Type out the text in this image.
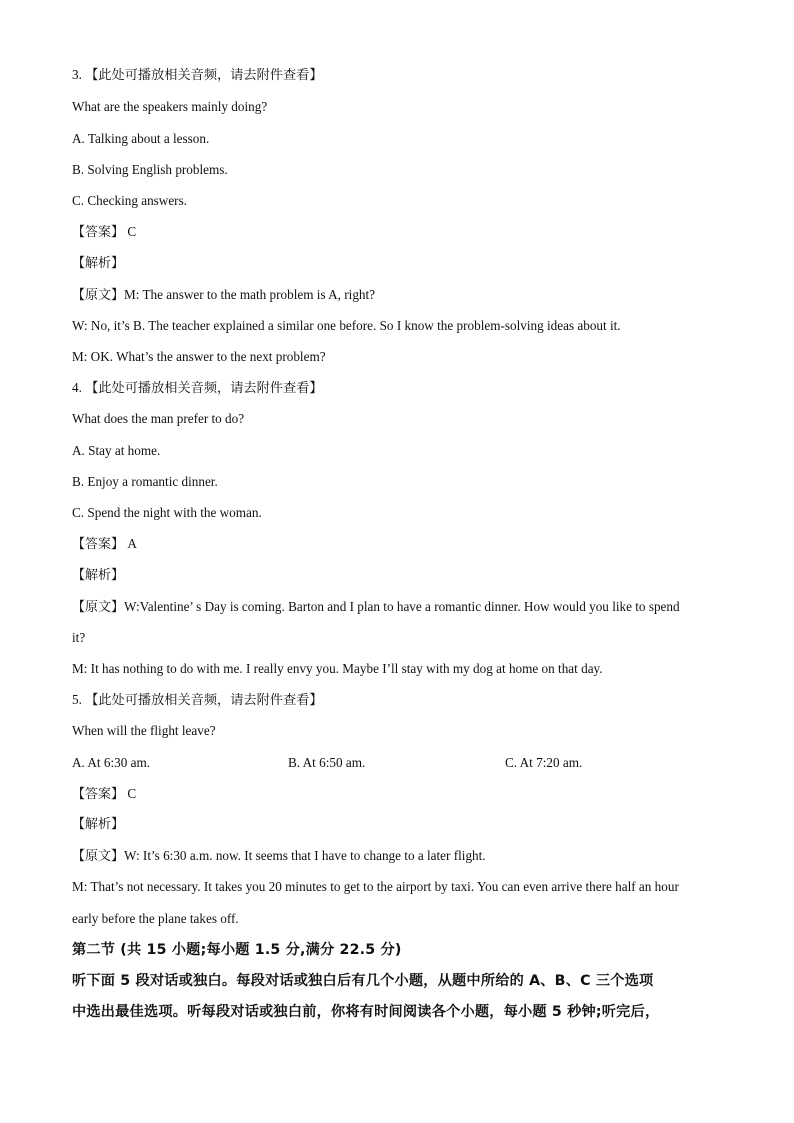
3. 【此处可播放相关音频，请去附件查看】
What are the speakers mainly doing?
A. Talking about a lesson.
B. Solving English problems.
C. Checking answers.
【答案】 C
【解析】
【原文】M: The answer to the math problem is A, right?
W: No, it’s B. The teacher explained a similar one before. So I know the problem-solving ideas about it.
M: OK. What’s the answer to the next problem?
4. 【此处可播放相关音频，请去附件查看】
What does the man prefer to do?
A. Stay at home.
B. Enjoy a romantic dinner.
C. Spend the night with the woman.
【答案】 A
【解析】
【原文】W:Valentine’ s Day is coming. Barton and I plan to have a romantic dinner. How would you like to spend
it?
M: It has nothing to do with me. I really envy you. Maybe I’ll stay with my dog at home on that day.
5. 【此处可播放相关音频，请去附件查看】
When will the flight leave?
A. At 6:30 am.	B. At 6:50 am.	C. At 7:20 am.
【答案】 C
【解析】
【原文】W: It’s 6:30 a.m. now. It seems that I have to change to a later flight.
M: That’s not necessary. It takes you 20 minutes to get to the airport by taxi. You can even arrive there half an hour
early before the plane takes off.
第二节 (共 15 小题;每小题 1.5 分,满分 22.5 分)
听下面 5 段对话或独白。每段对话或独白后有几个小题，从题中所给的 A、B、C 三个选项
中选出最佳选项。听每段对话或独白前，你将有时间阅读各个小题，每小题 5 秒钟;听完后，
